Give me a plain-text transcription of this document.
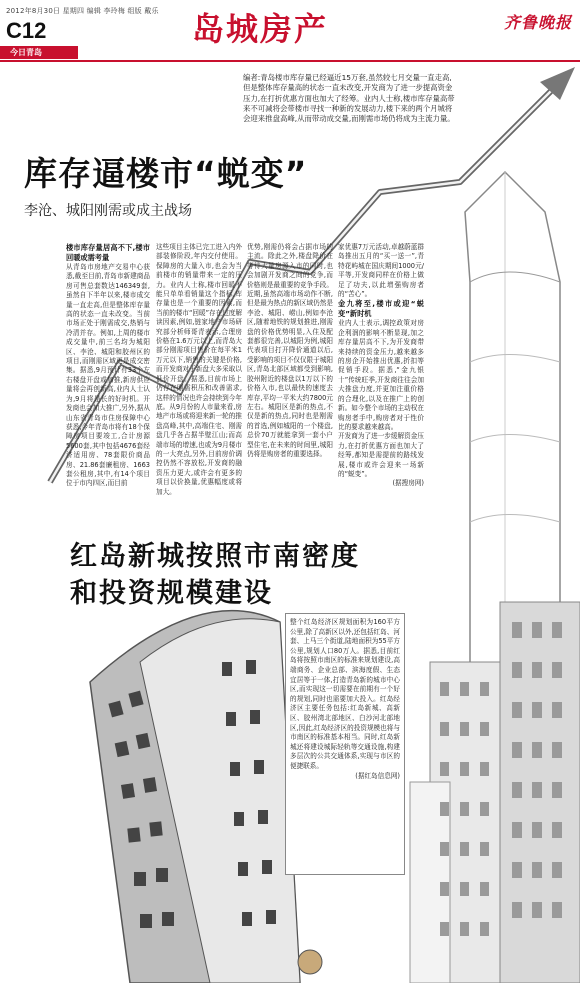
2012年8月30日 星期四 编辑 李玲梅 组版 戴乐
C12
今日青岛
岛城房产	齐鲁晚报
编者:青岛楼市库存量已经逼近15万套,虽然较七月交量一直走高,但是整体库存量高的状态一直未改变,开发商为了进一步提高资金压力,在打折优惠方面也加大了经筹。业内人士称,楼市库存量高带来不可减将会带楼市寻找一种新的发展动力,楼下来的两个月城将会迎来推盘高峰,从而带动成交量,而刚需市场仍将成为主流力量。
库存逼楼市“蜕变”
李沧、城阳刚需或成主战场
楼市库存量居高不下,楼市回暖或需考量
从青岛市房地产交易中心获悉,截至目前,青岛市新建商品房可售总套数达146349套,虽然自下半年以来,楼市成交量一直走高,但是整体库存量高的状态一直未改变。当前市场正处于刚需成交,热销与冷清并存。例如,上周的楼市成交量中,前三名均为城阳区、李沧、城阳和胶州区的项目,而刚需区域更是成交密集。据悉,9月预计有33个左右楼盘开盘或加推,新房供应量将会再创新高,业内人士认为,9月将是长的好时机。开发商也会加大推广,另外,据从山东省青岛市住房保障中心获悉,今年青岛市将有18个保障房项目要竣工,合计房源5600套,其中包括4676套经济适用房、78套限价商品房、21.86套廉租房、1663套公租房,其中,有14个项目位于市内四区,而目前
这些项目主体已完工进入内外部装修阶段,年内交付使用。保障房的大量入市,也会为当前楼市的销量带来一定的压力。业内人士称,楼市回暖不能只单单看销量这个指标,库存量也是一个重要的因素,而当前的楼市“回暖”存在过度解读因素,例如,链家地产市场研究部分析师哥青表示,合理房价格在1.6万元以上,而青岛大部分刚需项目售价在每平米1万元以下,销售的关键是价格,而开发商对于新盘大多采取以低价开盘。据悉,目前市场上仍存在刚需积压和改善需求,这样的情况也许会持续到今年底。从9月份的人市量来看,房地产市场或将迎来新一轮的推盘高峰,其中,高端住宅、刚需盘几乎各占据半壁江山;而高端市场的增速,也或为9月楼市的一大亮点,另外,目前房价调控仍然不容放松,开发商的融资压力更大,或许会有更多的项目以价换量,优惠幅度或将加大。
优势,刚需仍将会占据市场的主流。除此之外,楼盘降价在等待大量房源入市的同时,也会加剧开发商之间的竞争,而价格则是最重要的竞争手段。近期,虽然高端市场动作不断,但是最为热点的新区域仍然是李沧、城阳、崂山,例如李沧区,随着地铁的规划推进,刚需盘的价格优势明显,入住及配套都很完善,以城阳为例,城阳代表项目打开降价通道以后,受影响的项目不仅仅限于城阳区,青岛北部区域都受到影响,胶州附近的楼盘以1万以下的价格入市,也以最快的速度去库存,平均一平米大约7800元左右。城阳区是新的热点,不仅是新的热点,同时也是刚需的首选,例如城阳的一个楼盘,总价70万就能拿到一套小户型住宅,在未来的时间里,城阳仍将是购房者的重要选择。
家优惠7万元活动,卓越蔚蓝群岛推出五月的“买一送一”,青特花屿城在国庆期间1000元/平等,开发商同样在价格上做足了功夫,以此增强购房者的“苦心”。
金九将至,楼市或迎“蜕变”新时机
业内人士表示,调控政策对房企利润的影响不断显现,加之库存量居高不下,为开发商带来持续的资金压力,越来越多的房企开始推出优惠,折扣等促销手段。据悉,“金九银十”传统旺季,开发商往往会加大推盘力度,并更加注重价格的合理化,以及在推广上的创新。如今整个市场的主动权在购房者手中,购房者对于性价比的要求越来越高。
开发商为了进一步缓解资金压力,在打折优惠方面也加大了经筹,都知是需提前的路线发展,楼市或许会迎来一场新的“蜕变”。
(据搜房网)
红岛新城按照市南密度
和投资规模建设
整个红岛经济区规划面积为160平方公里,除了高新区以外,还包括红岛、河套、上马三个街道,陆地面积为55平方公里,规划人口80万人。据悉,目前红岛将按照市南区的标准来规划建设,高端商务、企业总部、滨海度假、生态宜居等于一体,打造青岛新的城市中心区,而实现这一切需要在前期有一个好的规划,同时也需要加大投入。红岛经济区主要任务包括:红岛新城、高新区、胶州湾北部地区、白沙河北部地区,因此,红岛经济区的投资规模也将与市南区的标准基本相当。同时,红岛新城还将建设城际轻轨等交通设施,构建多层次的公共交通体系,实现与市区的便捷联系。
(据红岛信息网)
